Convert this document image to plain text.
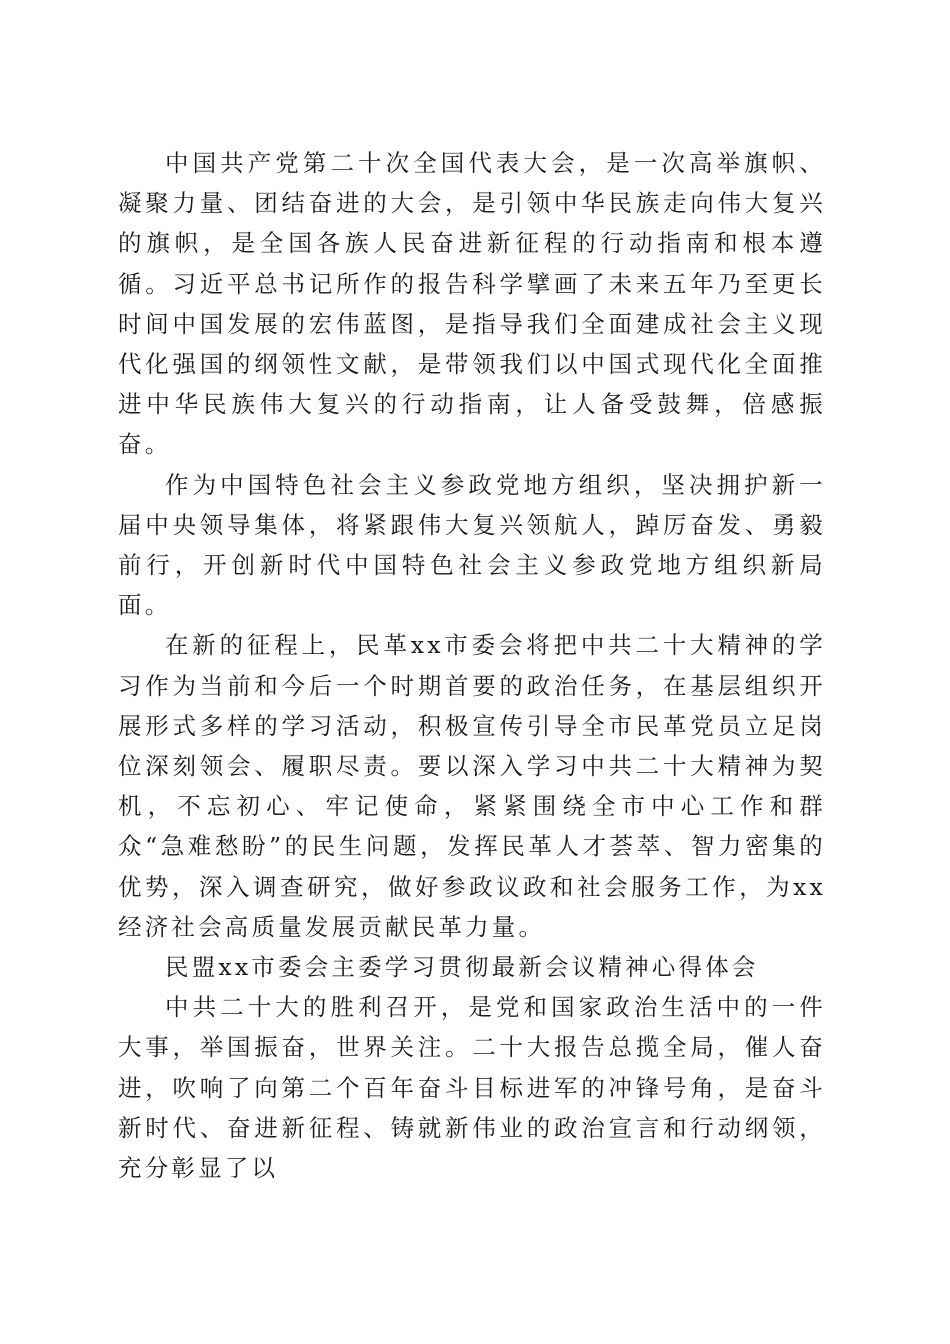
中国共产党第二十次全国代表大会，是一次高举旗帜、凝聚力量、团结奋进的大会，是引领中华民族走向伟大复兴的旗帜，是全国各族人民奋进新征程的行动指南和根本遵循。习近平总书记所作的报告科学擘画了未来五年乃至更长时间中国发展的宏伟蓝图，是指导我们全面建成社会主义现代化强国的纲领性文献，是带领我们以中国式现代化全面推进中华民族伟大复兴的行动指南，让人备受鼓舞，倍感振奋。

作为中国特色社会主义参政党地方组织，坚决拥护新一届中央领导集体，将紧跟伟大复兴领航人，踔厉奋发、勇毅前行，开创新时代中国特色社会主义参政党地方组织新局面。

在新的征程上，民革xx市委会将把中共二十大精神的学习作为当前和今后一个时期首要的政治任务，在基层组织开展形式多样的学习活动，积极宣传引导全市民革党员立足岗位深刻领会、履职尽责。要以深入学习中共二十大精神为契机，不忘初心、牢记使命，紧紧围绕全市中心工作和群众“急难愁盼”的民生问题，发挥民革人才荟萃、智力密集的优势，深入调查研究，做好参政议政和社会服务工作，为xx经济社会高质量发展贡献民革力量。

民盟xx市委会主委学习贯彻最新会议精神心得体会

中共二十大的胜利召开，是党和国家政治生活中的一件大事，举国振奋，世界关注。二十大报告总揽全局，催人奋进，吹响了向第二个百年奋斗目标进军的冲锋号角，是奋斗新时代、奋进新征程、铸就新伟业的政治宣言和行动纲领，充分彰显了以
